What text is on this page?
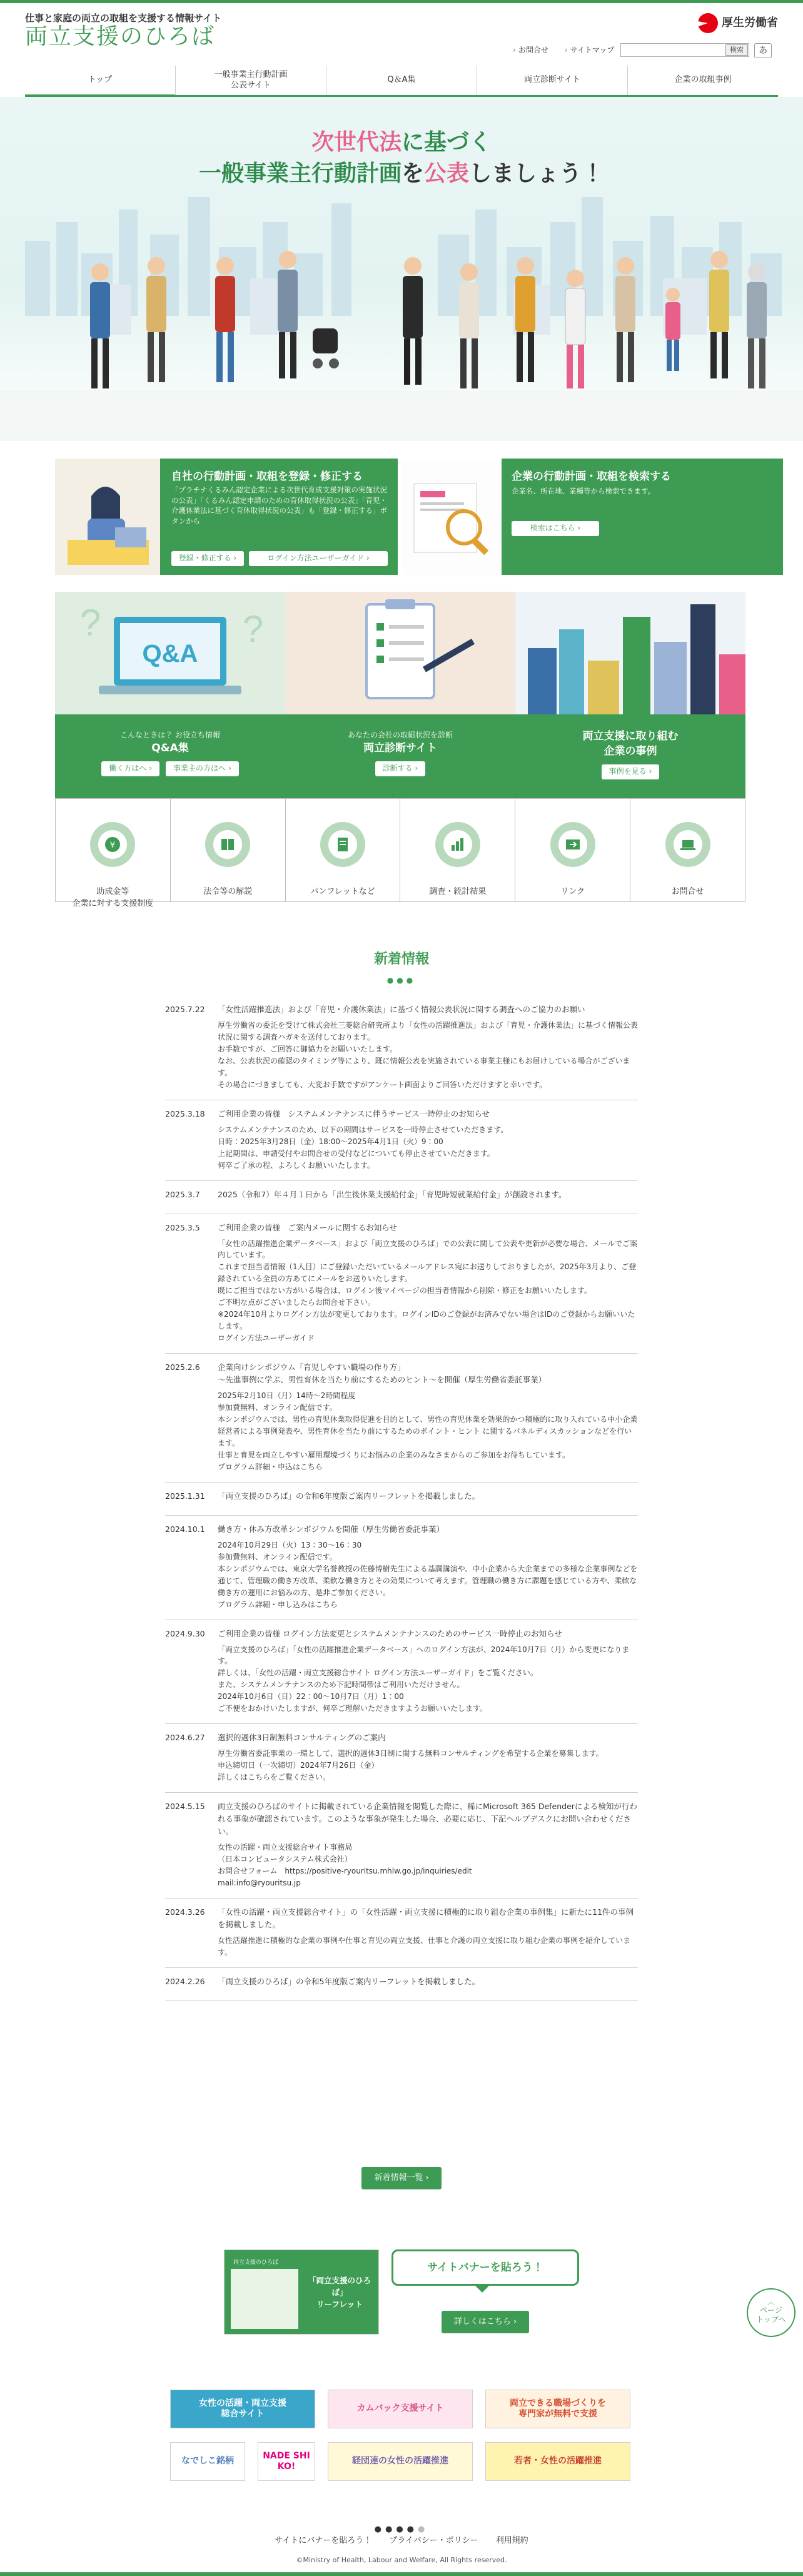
仕事と家庭の両立の取組を支援する情報サイト
両立支援のひろば
厚生労働省
› お問合せ
›	サイトマップ	検索	あ
トップ
一般事業主行動計画
公表サイト
Q＆A集	両立診断サイト	企業の取組事例
次世代法に基づく
一般事業主行動計画を公表しましょう！
自社の行動計画・取組を登録・修正する
「プラチナくるみん認定企業による次世代育成支援対策の実施状況の公表」「くるみん認定申請のための育休取得状況の公表」「育児・介護休業法に基づく育休取得状況の公表」も「登録・修正する」ボタンから
登録・修正する ›	ログイン方法ユーザーガイド ›
企業の行動計画・取組を検索する
企業名、所在地、業種等から検索できます。
検索はこちら ›
Q&A
?	?
こんなときは？ お役立ち情報
Q&A集
働く方はへ ›	事業主の方はへ ›
あなたの会社の取組状況を診断
両立診断サイト
診断する ›
両立支援に取り組む
企業の事例
事例を見る ›

¥

助成金等
企業に対する支援制度

法令等の解説	パンフレットなど	調査・統計結果	リンク	お問合せ

新着情報
●●●
2025.7.22	「女性活躍推進法」および「育児・介護休業法」に基づく情報公表状況に関する調査へのご協力のお願い
厚生労働省の委託を受けて株式会社三菱総合研究所より「女性の活躍推進法」および「育児・介護休業法」に基づく情報公表状況に関する調査ハガキを送付しております。
お手数ですが、ご回答に御協力をお願いいたします。
なお、公表状況の確認のタイミング等により、既に情報公表を実施されている事業主様にもお届けしている場合がございます。
その場合にづきましても、大変お手数ですがアンケート画面よりご回答いただけますと幸いです。
2025.3.18	ご利用企業の皆様　システムメンテナンスに伴うサービス一時停止のお知らせ
システムメンテナンスのため、以下の期間はサービスを一時停止させていただきます。
日時：2025年3月28日（金）18:00〜2025年4月1日（火）9：00
上記期間は、申請受付やお問合せの受付などについても停止させていただきます。
何卒ご了承の程、よろしくお願いいたします。
2025.3.7	2025（令和7）年４月１日から「出生後休業支援給付金」「育児時短就業給付金」が創設されます。
2025.3.5	ご利用企業の皆様　ご案内メールに関するお知らせ
「女性の活躍推進企業データベース」および「両立支援のひろば」での公表に関して公表や更新が必要な場合、メールでご案内しています。
これまで担当者情報（1人目）にご登録いただいているメールアドレス宛にお送りしておりましたが、2025年3月より、ご登録されている全員の方あてにメールをお送りいたします。
既にご担当ではない方がいる場合は、ログイン後マイページの担当者情報から削除・修正をお願いいたします。
ご不明な点がございましたらお問合せ下さい。
※2024年10月よりログイン方法が変更しております。ログインIDのご登録がお済みでない場合はIDのご登録からお願いいたします。
ログイン方法ユーザーガイド
2025.2.6	企業向けシンポジウム「育児しやすい職場の作り方」
〜先進事例に学ぶ、男性育休を当たり前にするためのヒント〜を開催（厚生労働省委託事業）
2025年2月10日（月）14時〜2時間程度
参加費無料、オンライン配信です。
本シンポジウムでは、男性の育児休業取得促進を目的として、男性の育児休業を効果的かつ積極的に取り入れている中小企業経営者による事例発表や、男性育休を当たり前にするためのポイント・ヒント に関するパネルディスカッションなどを行います。
仕事と育児を両立しやすい雇用環境づくりにお悩みの企業のみなさまからのご参加をお待ちしています。
プログラム詳細・申込はこちら
2025.1.31	「両立支援のひろば」の令和6年度版ご案内リーフレットを掲載しました。
2024.10.1	働き方・休み方改革シンポジウムを開催（厚生労働省委託事業）
2024年10月29日（火）13：30〜16：30
参加費無料、オンライン配信です。
本シンポジウムでは、東京大学名誉教授の佐藤博樹先生による基調講演や、中小企業から大企業までの多様な企業事例などを通じて、管理職の働き方改革、柔軟な働き方とその効果について考えます。管理職の働き方に課題を感じている方や、柔軟な働き方の運用にお悩みの方、是非ご参加ください。
プログラム詳細・申し込みはこちら
2024.9.30	ご利用企業の皆様 ログイン方法変更とシステムメンテナンスのためのサービス一時停止のお知らせ
「両立支援のひろば」「女性の活躍推進企業データベース」へのログイン方法が、2024年10月7日（月）から変更になります。
詳しくは、「女性の活躍・両立支援総合サイト ログイン方法ユーザーガイド」をご覧ください。
また、システムメンテナンスのため下記時間帯はご利用いただけません。
2024年10月6日（日）22：00〜10月7日（月）1：00
ご不便をおかけいたしますが、何卒ご理解いただきますようお願いいたします。
2024.6.27	選択的週休3日制無料コンサルティングのご案内
厚生労働省委託事業の一環として、選択的週休3日制に関する無料コンサルティングを希望する企業を募集します。
申込締切日（一次締切）2024年7月26日（金）
詳しくはこちらをご覧ください。
2024.5.15	両立支援のひろばのサイトに掲載されている企業情報を閲覧した際に、稀にMicrosoft 365 Defenderによる検知が行われる事象が確認されています。このような事象が発生した場合、必要に応じ、下記ヘルプデスクにお問い合わせください。
女性の活躍・両立支援総合サイト事務局
（日本コンピュータシステム株式会社）
お問合せフォーム　https://positive-ryouritsu.mhlw.go.jp/inquiries/edit
mail:info@ryouritsu.jp
2024.3.26	「女性の活躍・両立支援総合サイト」の「女性活躍・両立支援に積極的に取り組む企業の事例集」に新たに11件の事例を掲載しました。
女性活躍推進に積極的な企業の事例や仕事と育児の両立支援、仕事と介護の両立支援に取り組む企業の事例を紹介しています。
2024.2.26	「両立支援のひろば」の令和5年度版ご案内リーフレットを掲載しました。
新着情報一覧 ›
両立支援のひろば
「両立支援のひろば」
リーフレット
サイトバナーを貼ろう！
詳しくはこちら ›
︿ ページ
トップへ
女性の活躍・両立支援
総合サイト
カムバック支援サイト
両立できる職場づくりを
専門家が無料で支援
なでしこ銘柄
NADE SHI KO!
経団連の女性の活躍推進	若者・女性の活躍推進
●●●●●
サイトにバナーを貼ろう！ プライバシー・ポリシー 利用規約
©Ministry of Health, Labour and Welfare, All Rights reserved.
